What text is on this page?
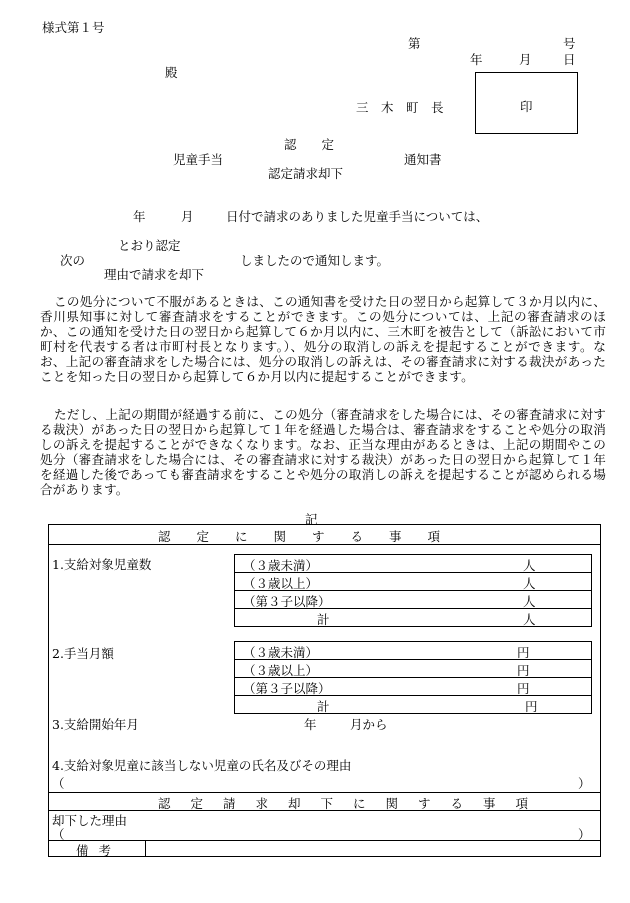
様式第１号
第	号
年	月	日
殿
三　木　町　長	印
認　　定
児童手当	通知書
認定請求却下
年	月	日付で請求のありました児童手当については、
とおり認定
次の	しましたので通知します。
理由で請求を却下
この処分について不服があるときは、この通知書を受けた日の翌日から起算して３か月以内に、香川県知事に対して審査請求をすることができます。この処分については、上記の審査請求のほか、この通知を受けた日の翌日から起算して６か月以内に、三木町を被告として（訴訟において市町村を代表する者は市町村長となります。）、処分の取消しの訴えを提起することができます。なお、上記の審査請求をした場合には、処分の取消しの訴えは、その審査請求に対する裁決があったことを知った日の翌日から起算して６か月以内に提起することができます。
ただし、上記の期間が経過する前に、この処分（審査請求をした場合には、その審査請求に対する裁決）があった日の翌日から起算して１年を経過した場合は、審査請求をすることや処分の取消しの訴えを提起することができなくなります。なお、正当な理由があるときは、上記の期間やこの処分（審査請求をした場合には、その審査請求に対する裁決）があった日の翌日から起算して１年を経過した後であっても審査請求をすることや処分の取消しの訴えを提起することが認められる場合があります。
記
認定に関する事項
1.支給対象児童数	（３歳未満）	人
（３歳以上）	人
（第３子以降）	人
計	人
2.手当月額	（３歳未満）	円
（３歳以上）	円
（第３子以降）	円
計	円
3.支給開始年月	年	月から
4.支給対象児童に該当しない児童の氏名及びその理由
（	）
認定請求却下に関する事項
却下した理由
（	）
備考
